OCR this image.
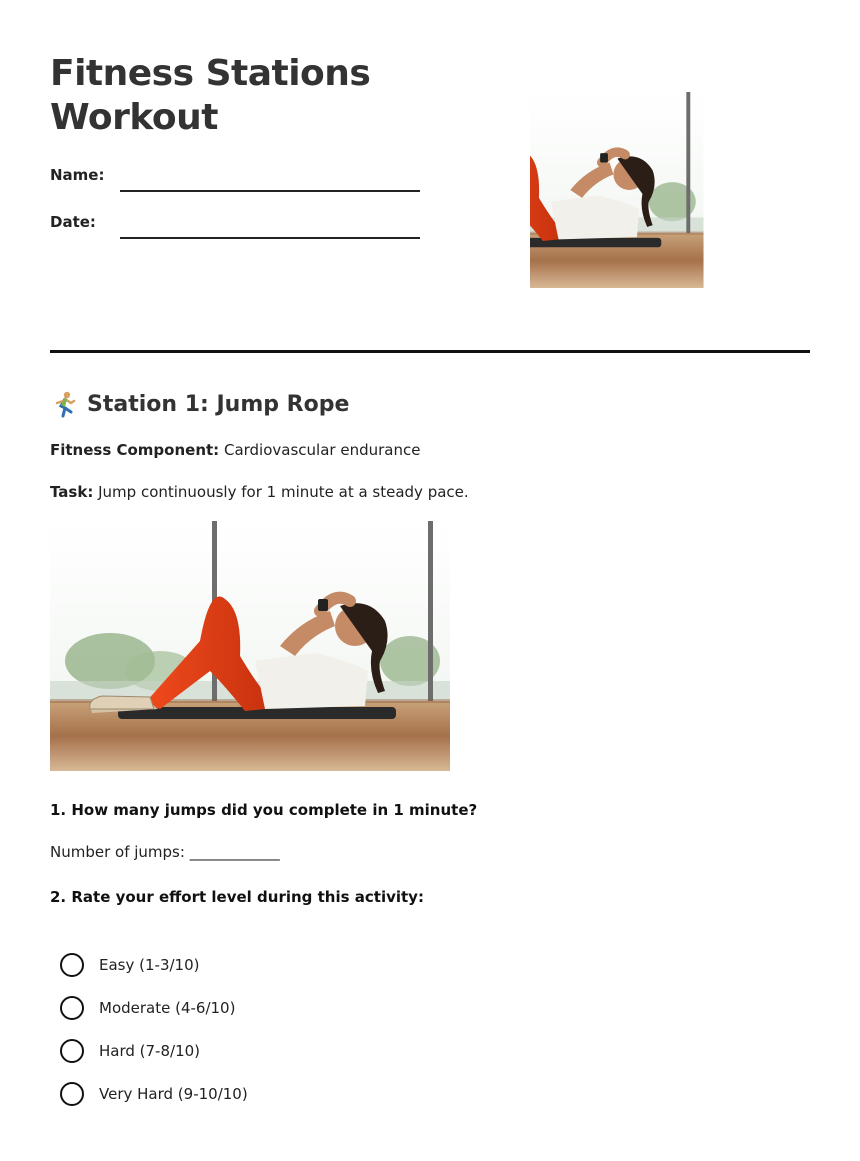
Fitness Stations
Workout
Name:
Date:
Station 1: Jump Rope
Fitness Component: Cardiovascular endurance
Task: Jump continuously for 1 minute at a steady pace.
1. How many jumps did you complete in 1 minute?
Number of jumps: ____________
2. Rate your effort level during this activity:
Easy (1-3/10)
Moderate (4-6/10)
Hard (7-8/10)
Very Hard (9-10/10)
